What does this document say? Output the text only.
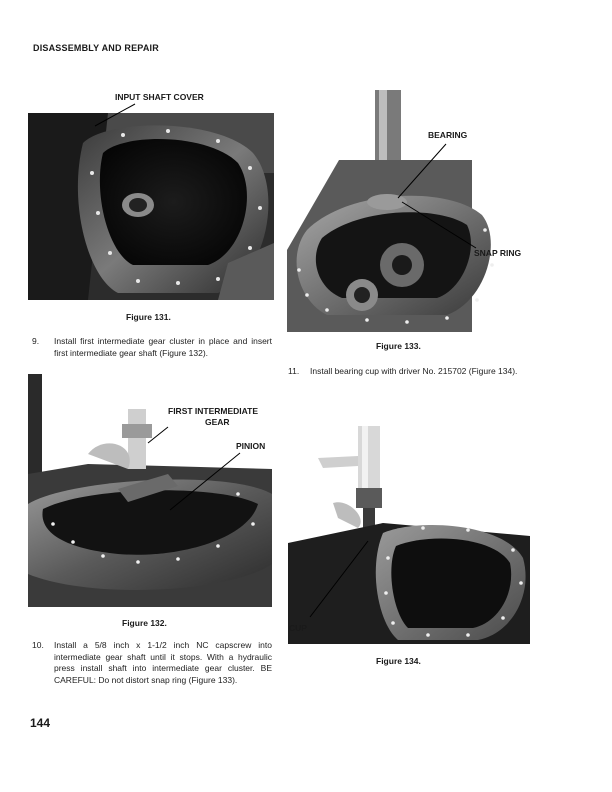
DISASSEMBLY AND REPAIR
INPUT SHAFT COVER
Figure 131.
9. Install first intermediate gear cluster in place and insert first intermediate gear shaft (Figure 132).
FIRST INTERMEDIATE
GEAR
PINION
Figure 132.
10. Install a 5/8 inch x 1-1/2 inch NC capscrew into intermediate gear shaft until it stops. With a hydraulic press install shaft into intermediate gear cluster. BE CAREFUL: Do not distort snap ring (Figure 133).
BEARING
SNAP RING
Figure 133.
11. Install bearing cup with driver No. 215702 (Figure 134).
CUP
Figure 134.
144
